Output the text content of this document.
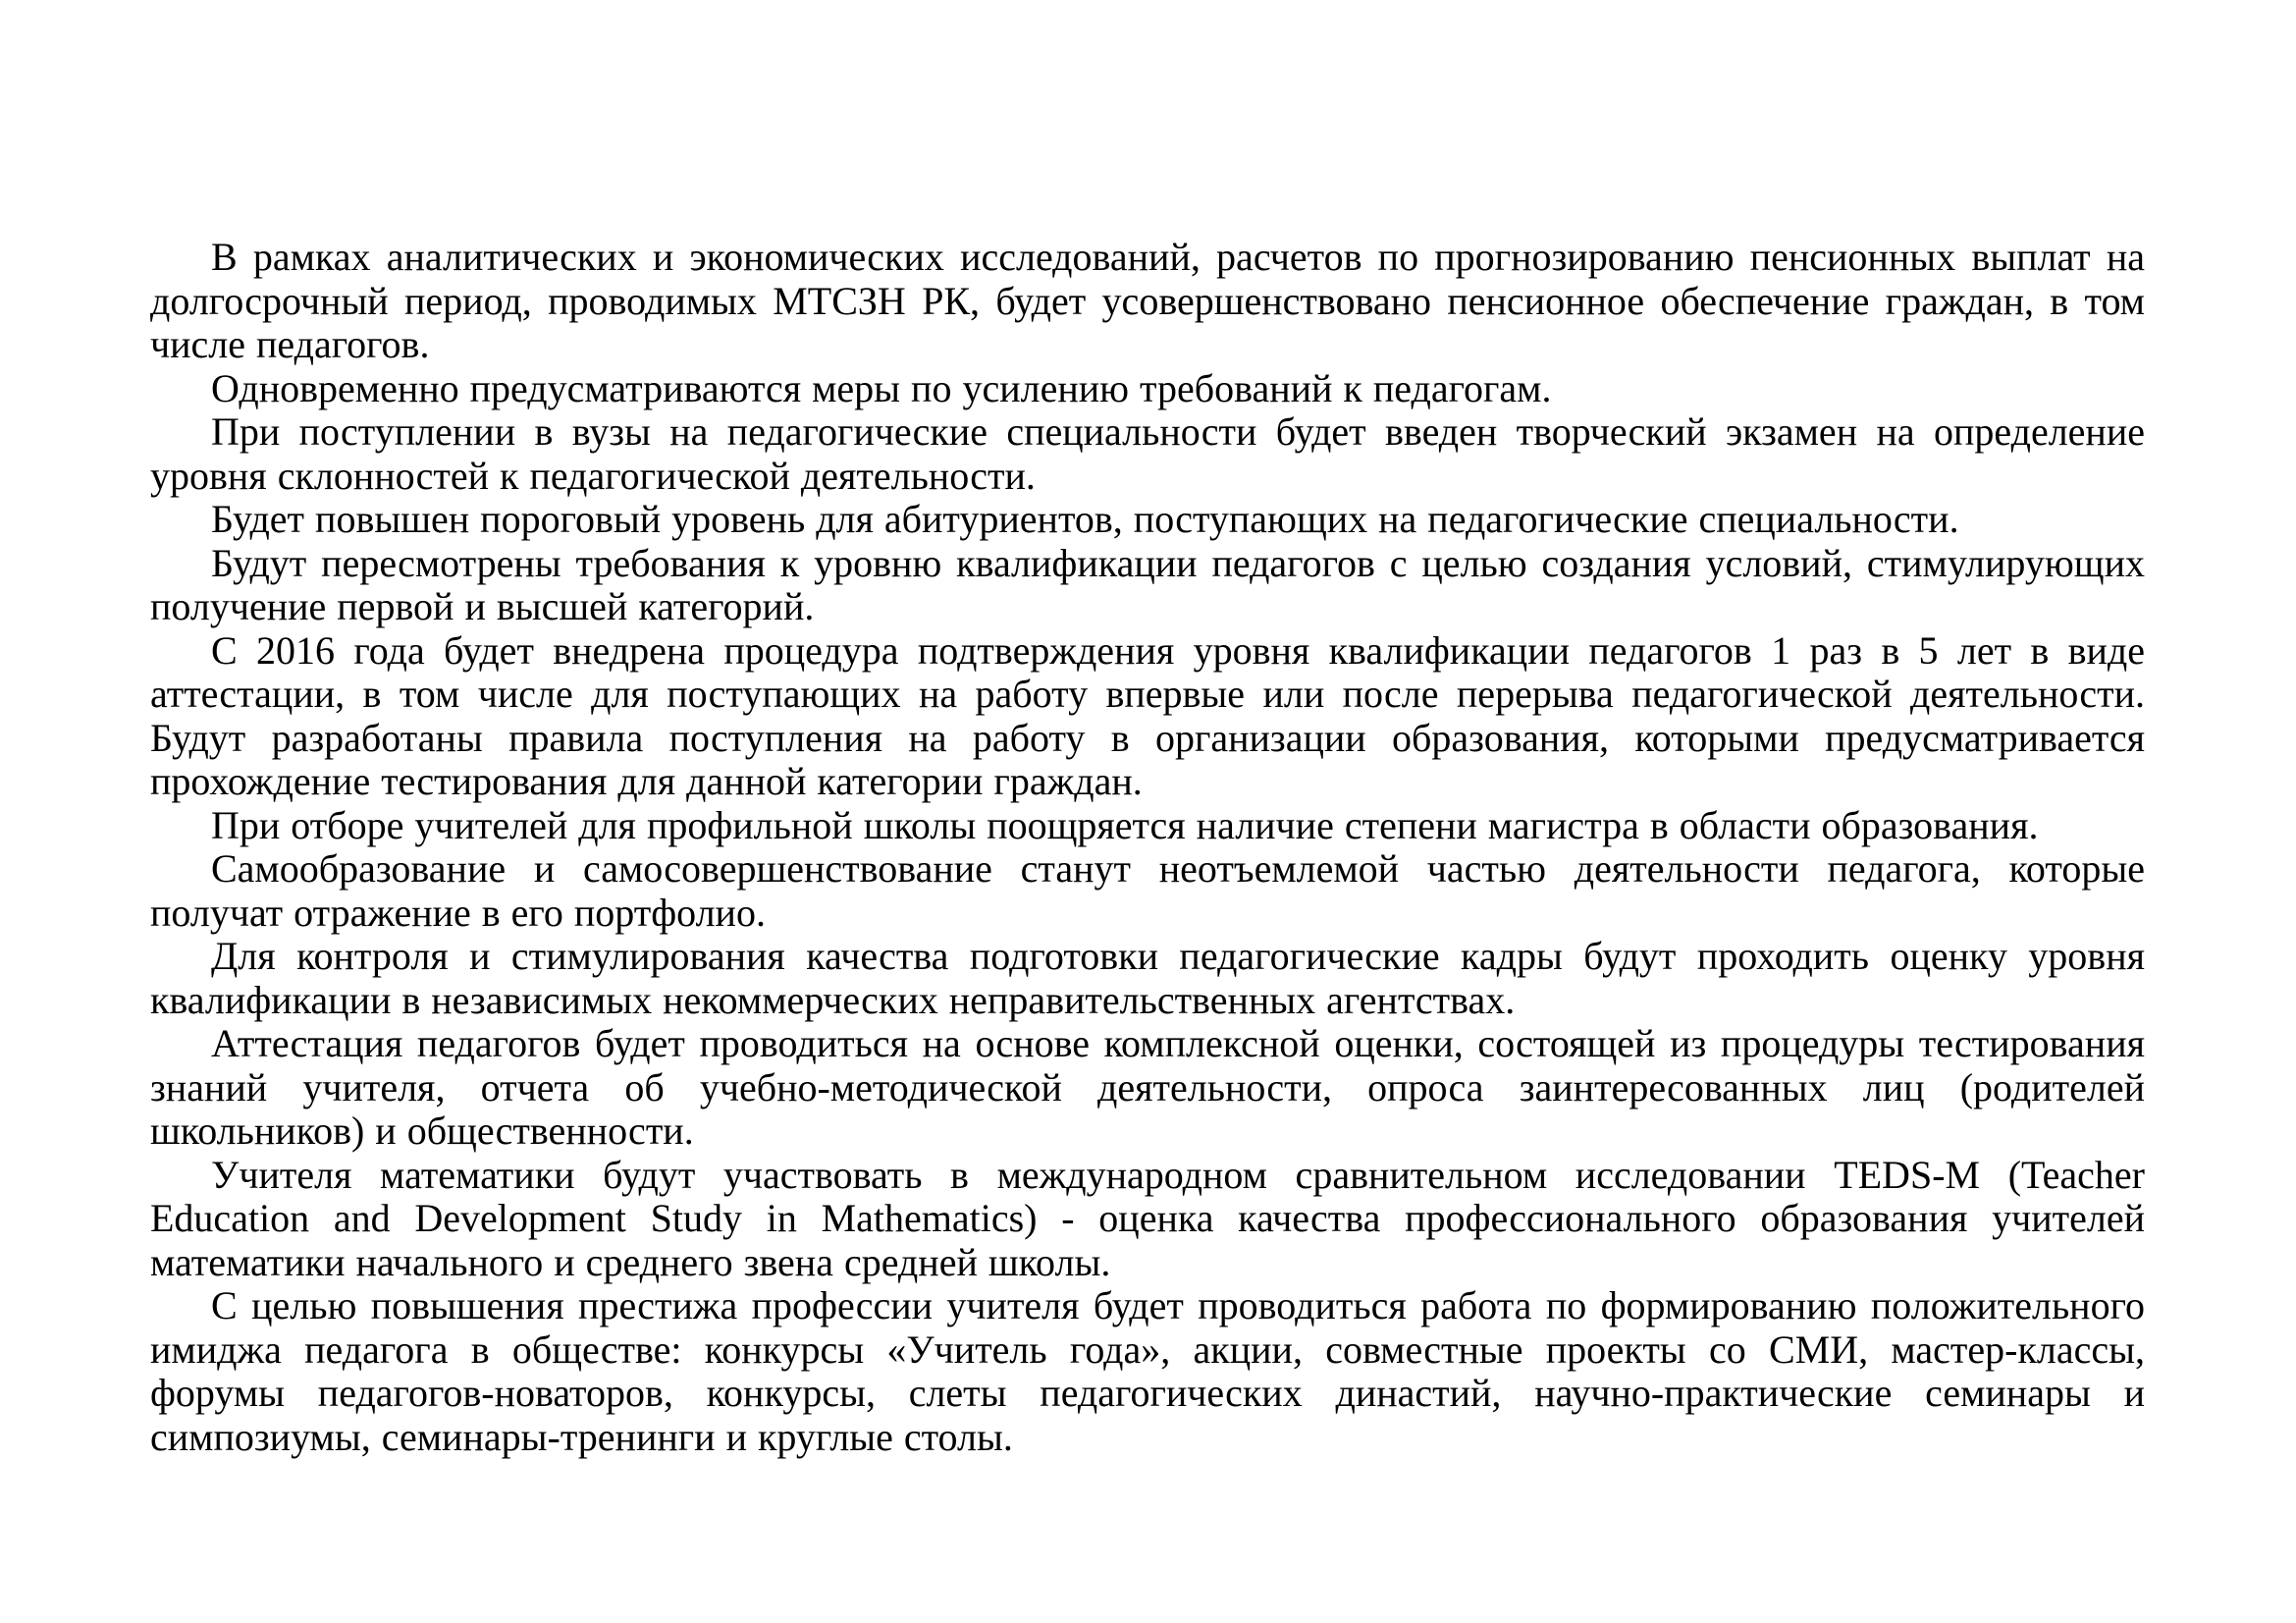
В рамках аналитических и экономических исследований, расчетов по прогнозированию пенсионных выплат на долгосрочный период, проводимых МТСЗН РК, будет усовершенствовано пенсионное обеспечение граждан, в том числе педагогов.

Одновременно предусматриваются меры по усилению требований к педагогам.

При поступлении в вузы на педагогические специальности будет введен творческий экзамен на определение уровня склонностей к педагогической деятельности.

Будет повышен пороговый уровень для абитуриентов, поступающих на педагогические специальности.

Будут пересмотрены требования к уровню квалификации педагогов с целью создания условий, стимулирующих получение первой и высшей категорий.

С 2016 года будет внедрена процедура подтверждения уровня квалификации педагогов 1 раз в 5 лет в виде аттестации, в том числе для поступающих на работу впервые или после перерыва педагогической деятельности. Будут разработаны правила поступления на работу в организации образования, которыми предусматривается прохождение тестирования для данной категории граждан.

При отборе учителей для профильной школы поощряется наличие степени магистра в области образования.

Самообразование и самосовершенствование станут неотъемлемой частью деятельности педагога, которые получат отражение в его портфолио.

Для контроля и стимулирования качества подготовки педагогические кадры будут проходить оценку уровня квалификации в независимых некоммерческих неправительственных агентствах.

Аттестация педагогов будет проводиться на основе комплексной оценки, состоящей из процедуры тестирования знаний учителя, отчета об учебно-методической деятельности, опроса заинтересованных лиц (родителей школьников) и общественности.

Учителя математики будут участвовать в международном сравнительном исследовании TEDS-M (Teacher Education and Development Study in Mathematics) - оценка качества профессионального образования учителей математики начального и среднего звена средней школы.

С целью повышения престижа профессии учителя будет проводиться работа по формированию положительного имиджа педагога в обществе: конкурсы «Учитель года», акции, совместные проекты со СМИ, мастер-классы, форумы педагогов-новаторов, конкурсы, слеты педагогических династий, научно-практические семинары и симпозиумы, семинары-тренинги и круглые столы.
